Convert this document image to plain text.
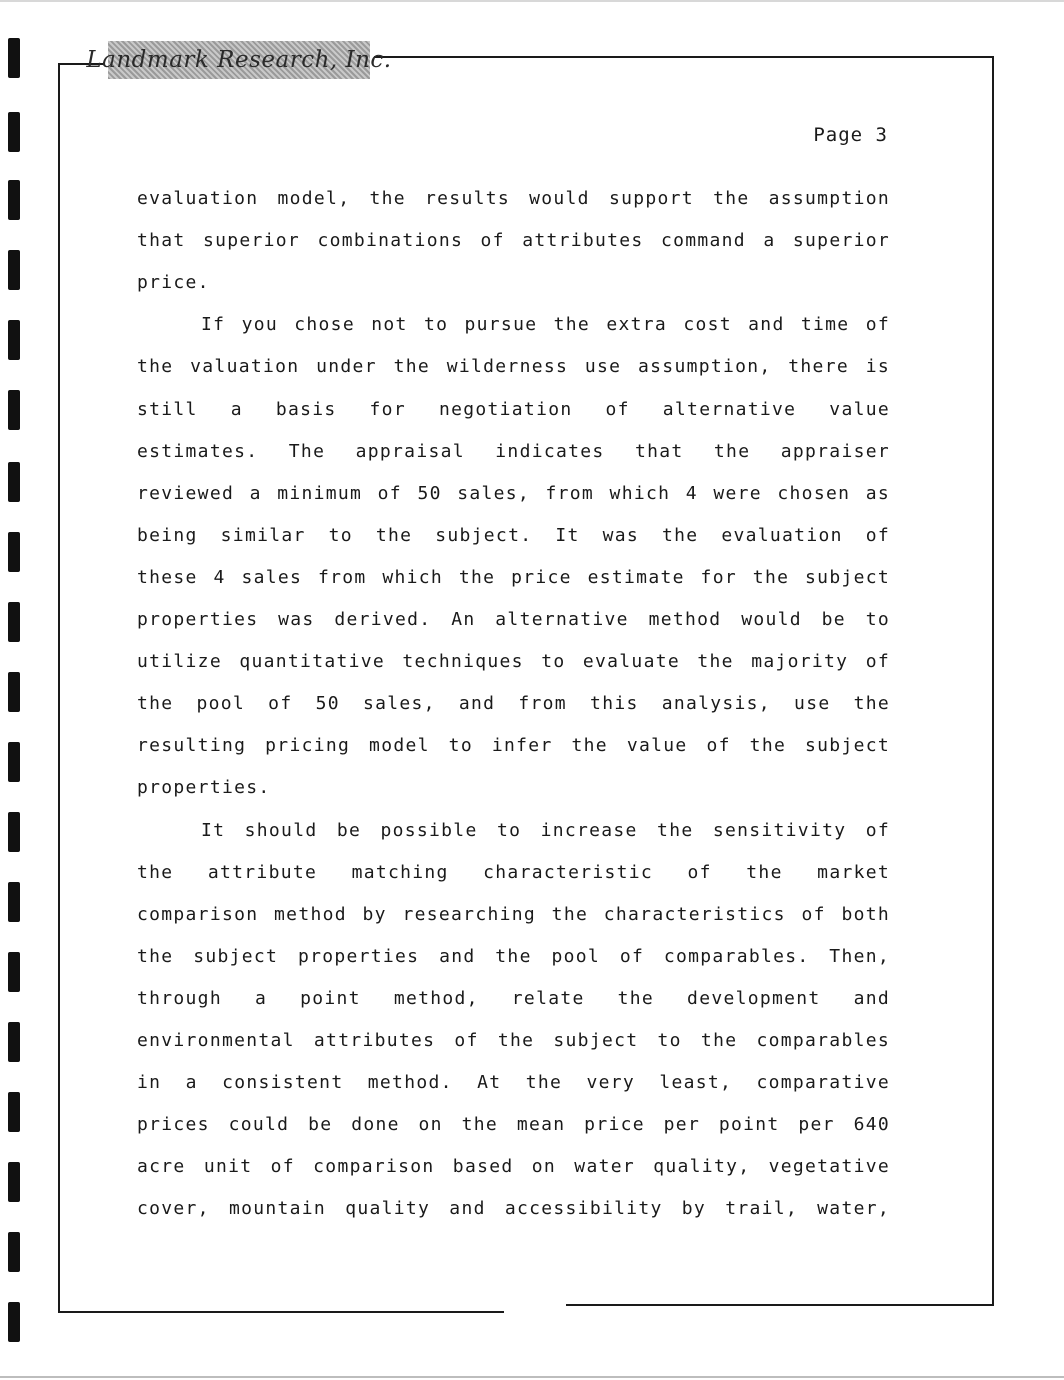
Landmark Research, Inc.
Page 3
evaluation model, the results would support the assumption
that superior combinations of attributes command a superior
price.
If you chose not to pursue the extra cost and time of
the valuation under the wilderness use assumption, there is
still a basis for negotiation of alternative value
estimates. The appraisal indicates that the appraiser
reviewed a minimum of 50 sales, from which 4 were chosen as
being similar to the subject. It was the evaluation of
these 4 sales from which the price estimate for the subject
properties was derived. An alternative method would be to
utilize quantitative techniques to evaluate the majority of
the pool of 50 sales, and from this analysis, use the
resulting pricing model to infer the value of the subject
properties.
It should be possible to increase the sensitivity of
the attribute matching characteristic of the market
comparison method by researching the characteristics of both
the subject properties and the pool of comparables. Then,
through a point method, relate the development and
environmental attributes of the subject to the comparables
in a consistent method. At the very least, comparative
prices could be done on the mean price per point per 640
acre unit of comparison based on water quality, vegetative
cover, mountain quality and accessibility by trail, water,
